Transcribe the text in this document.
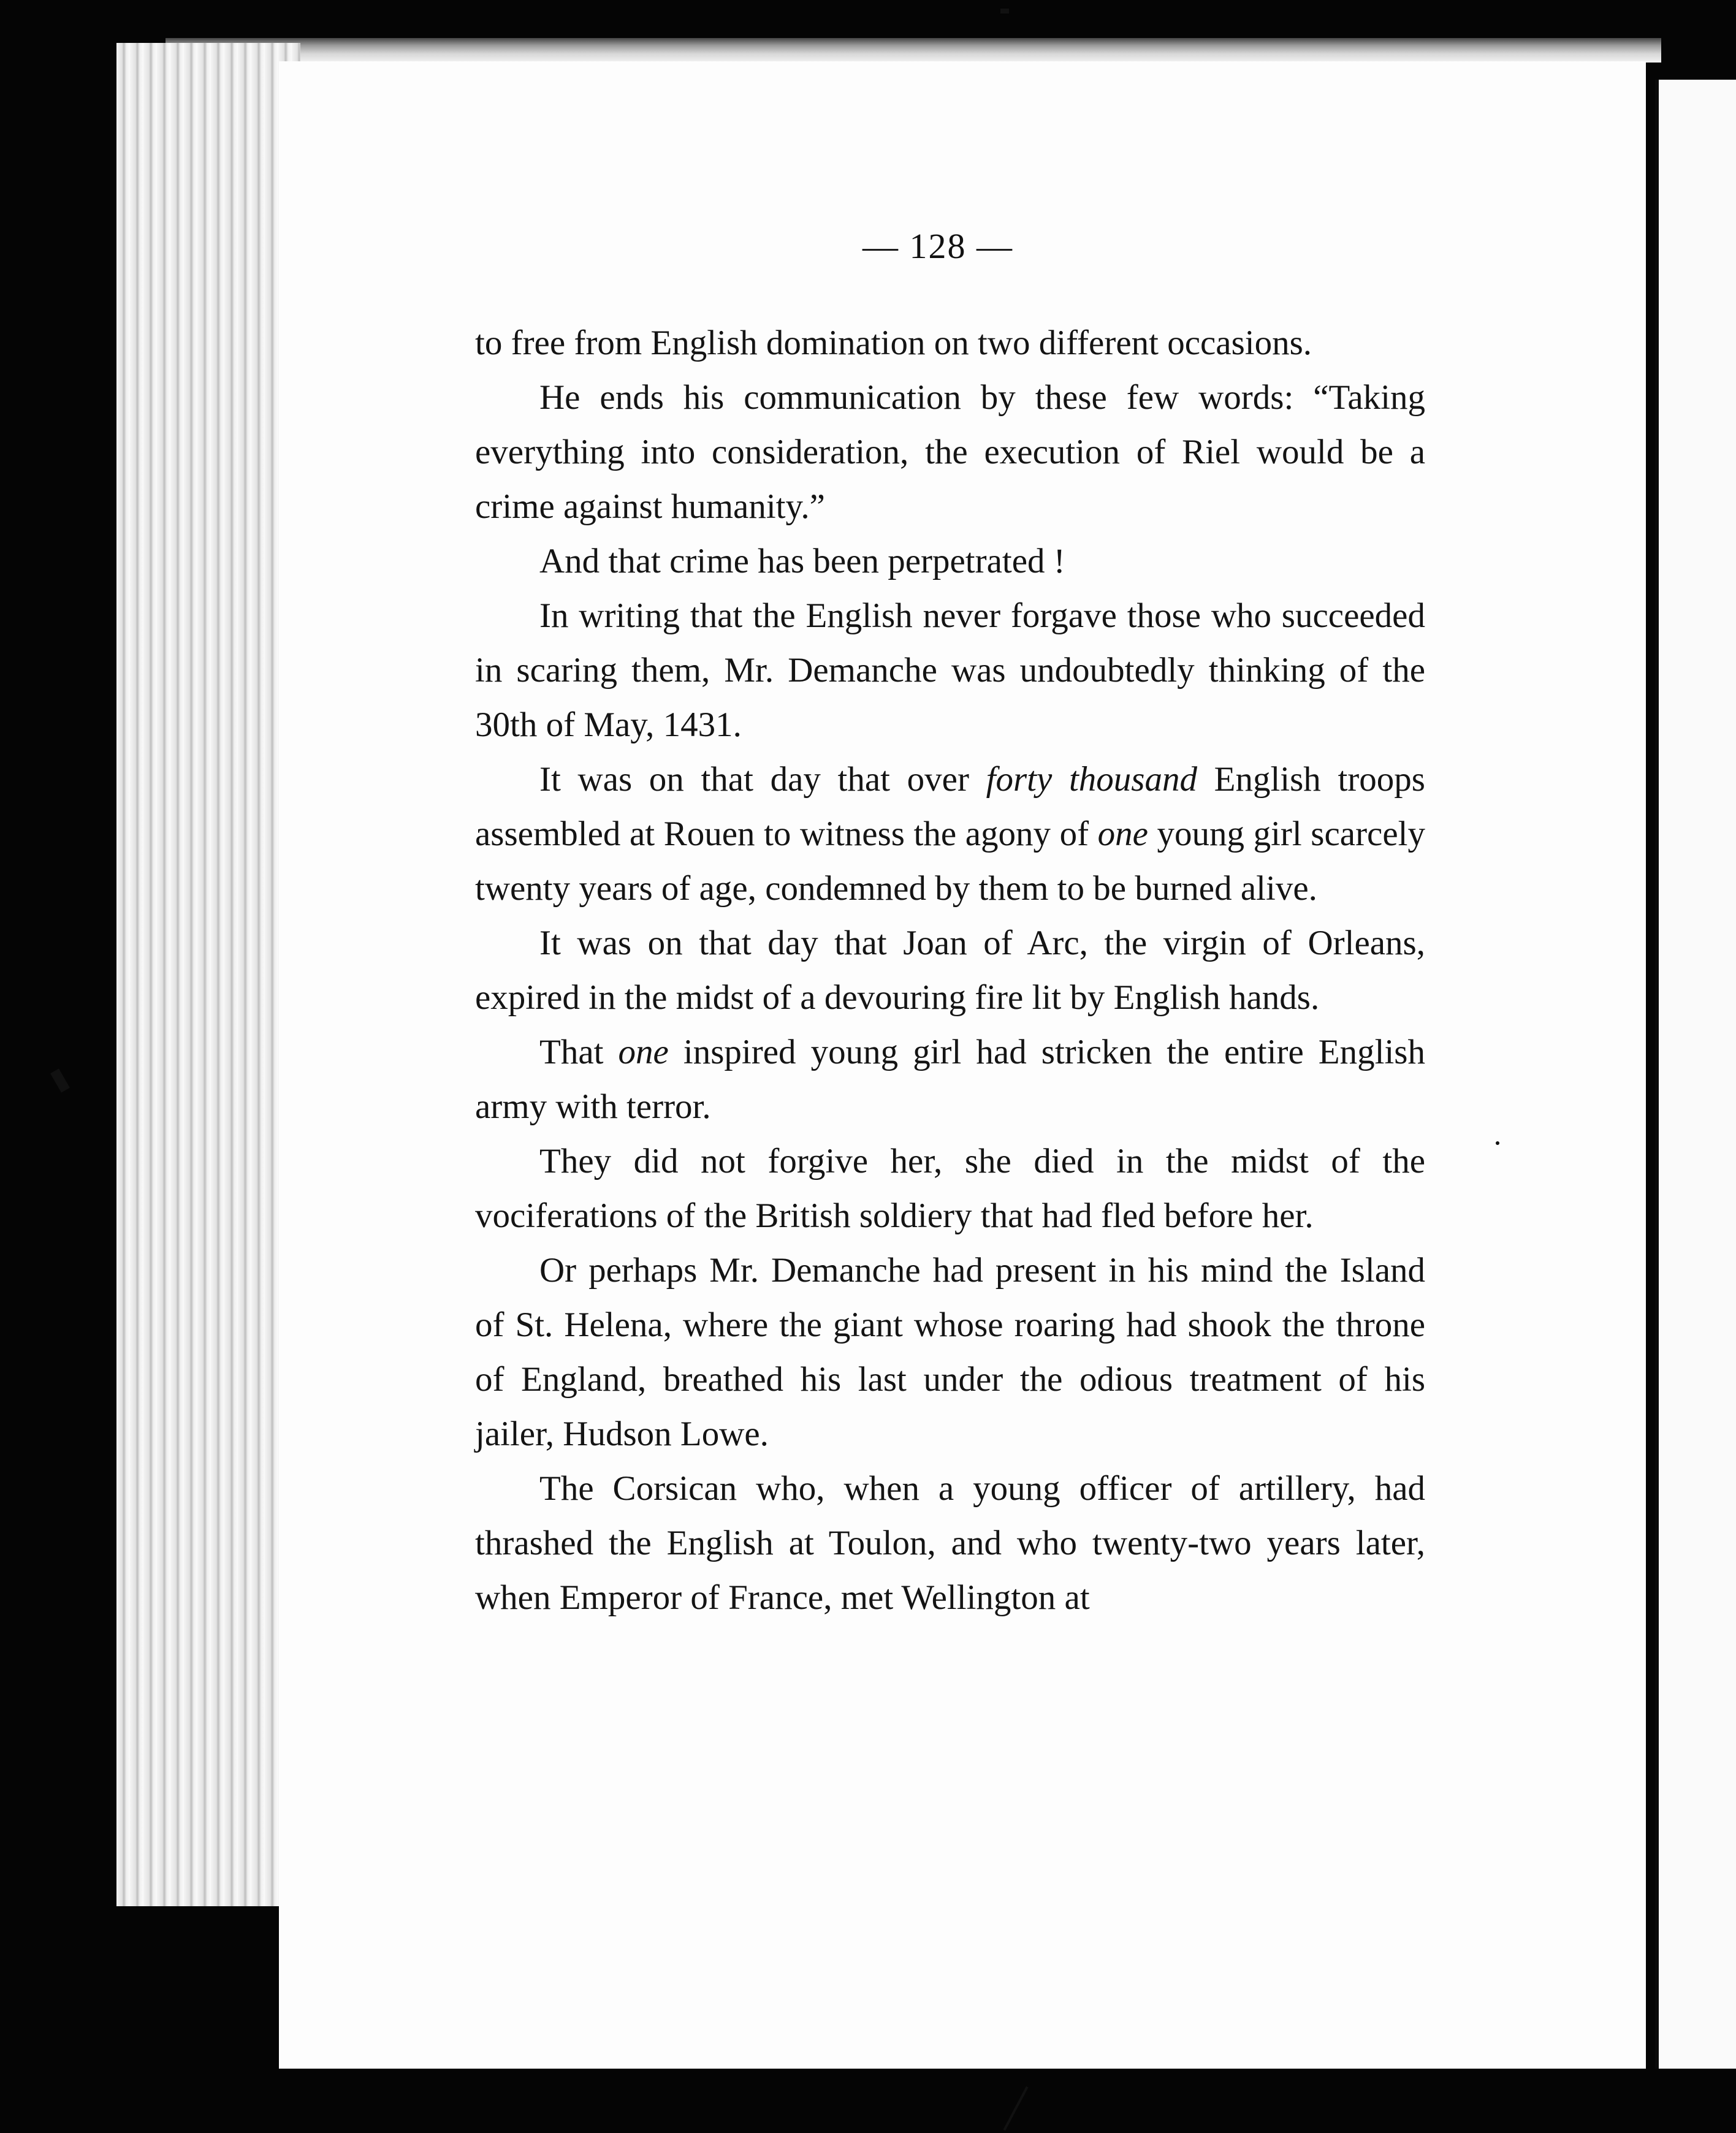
— 128 —

to free from English domination on two different occasions.

He ends his communication by these few words: “Taking everything into consideration, the execution of Riel would be a crime against humanity.”

And that crime has been perpetrated !

In writing that the English never forgave those who succeeded in scaring them, Mr. Demanche was undoubtedly thinking of the 30th of May, 1431.

It was on that day that over forty thousand English troops assembled at Rouen to witness the agony of one young girl scarcely twenty years of age, condemned by them to be burned alive.

It was on that day that Joan of Arc, the virgin of Orleans, expired in the midst of a devouring fire lit by English hands.

That one inspired young girl had stricken the entire English army with terror.

They did not forgive her, she died in the midst of the vociferations of the British soldiery that had fled before her.

Or perhaps Mr. Demanche had present in his mind the Island of St. Helena, where the giant whose roaring had shook the throne of England, breathed his last under the odious treatment of his jailer, Hudson Lowe.

The Corsican who, when a young officer of artillery, had thrashed the English at Toulon, and who twenty-two years later, when Emperor of France, met Wellington at
